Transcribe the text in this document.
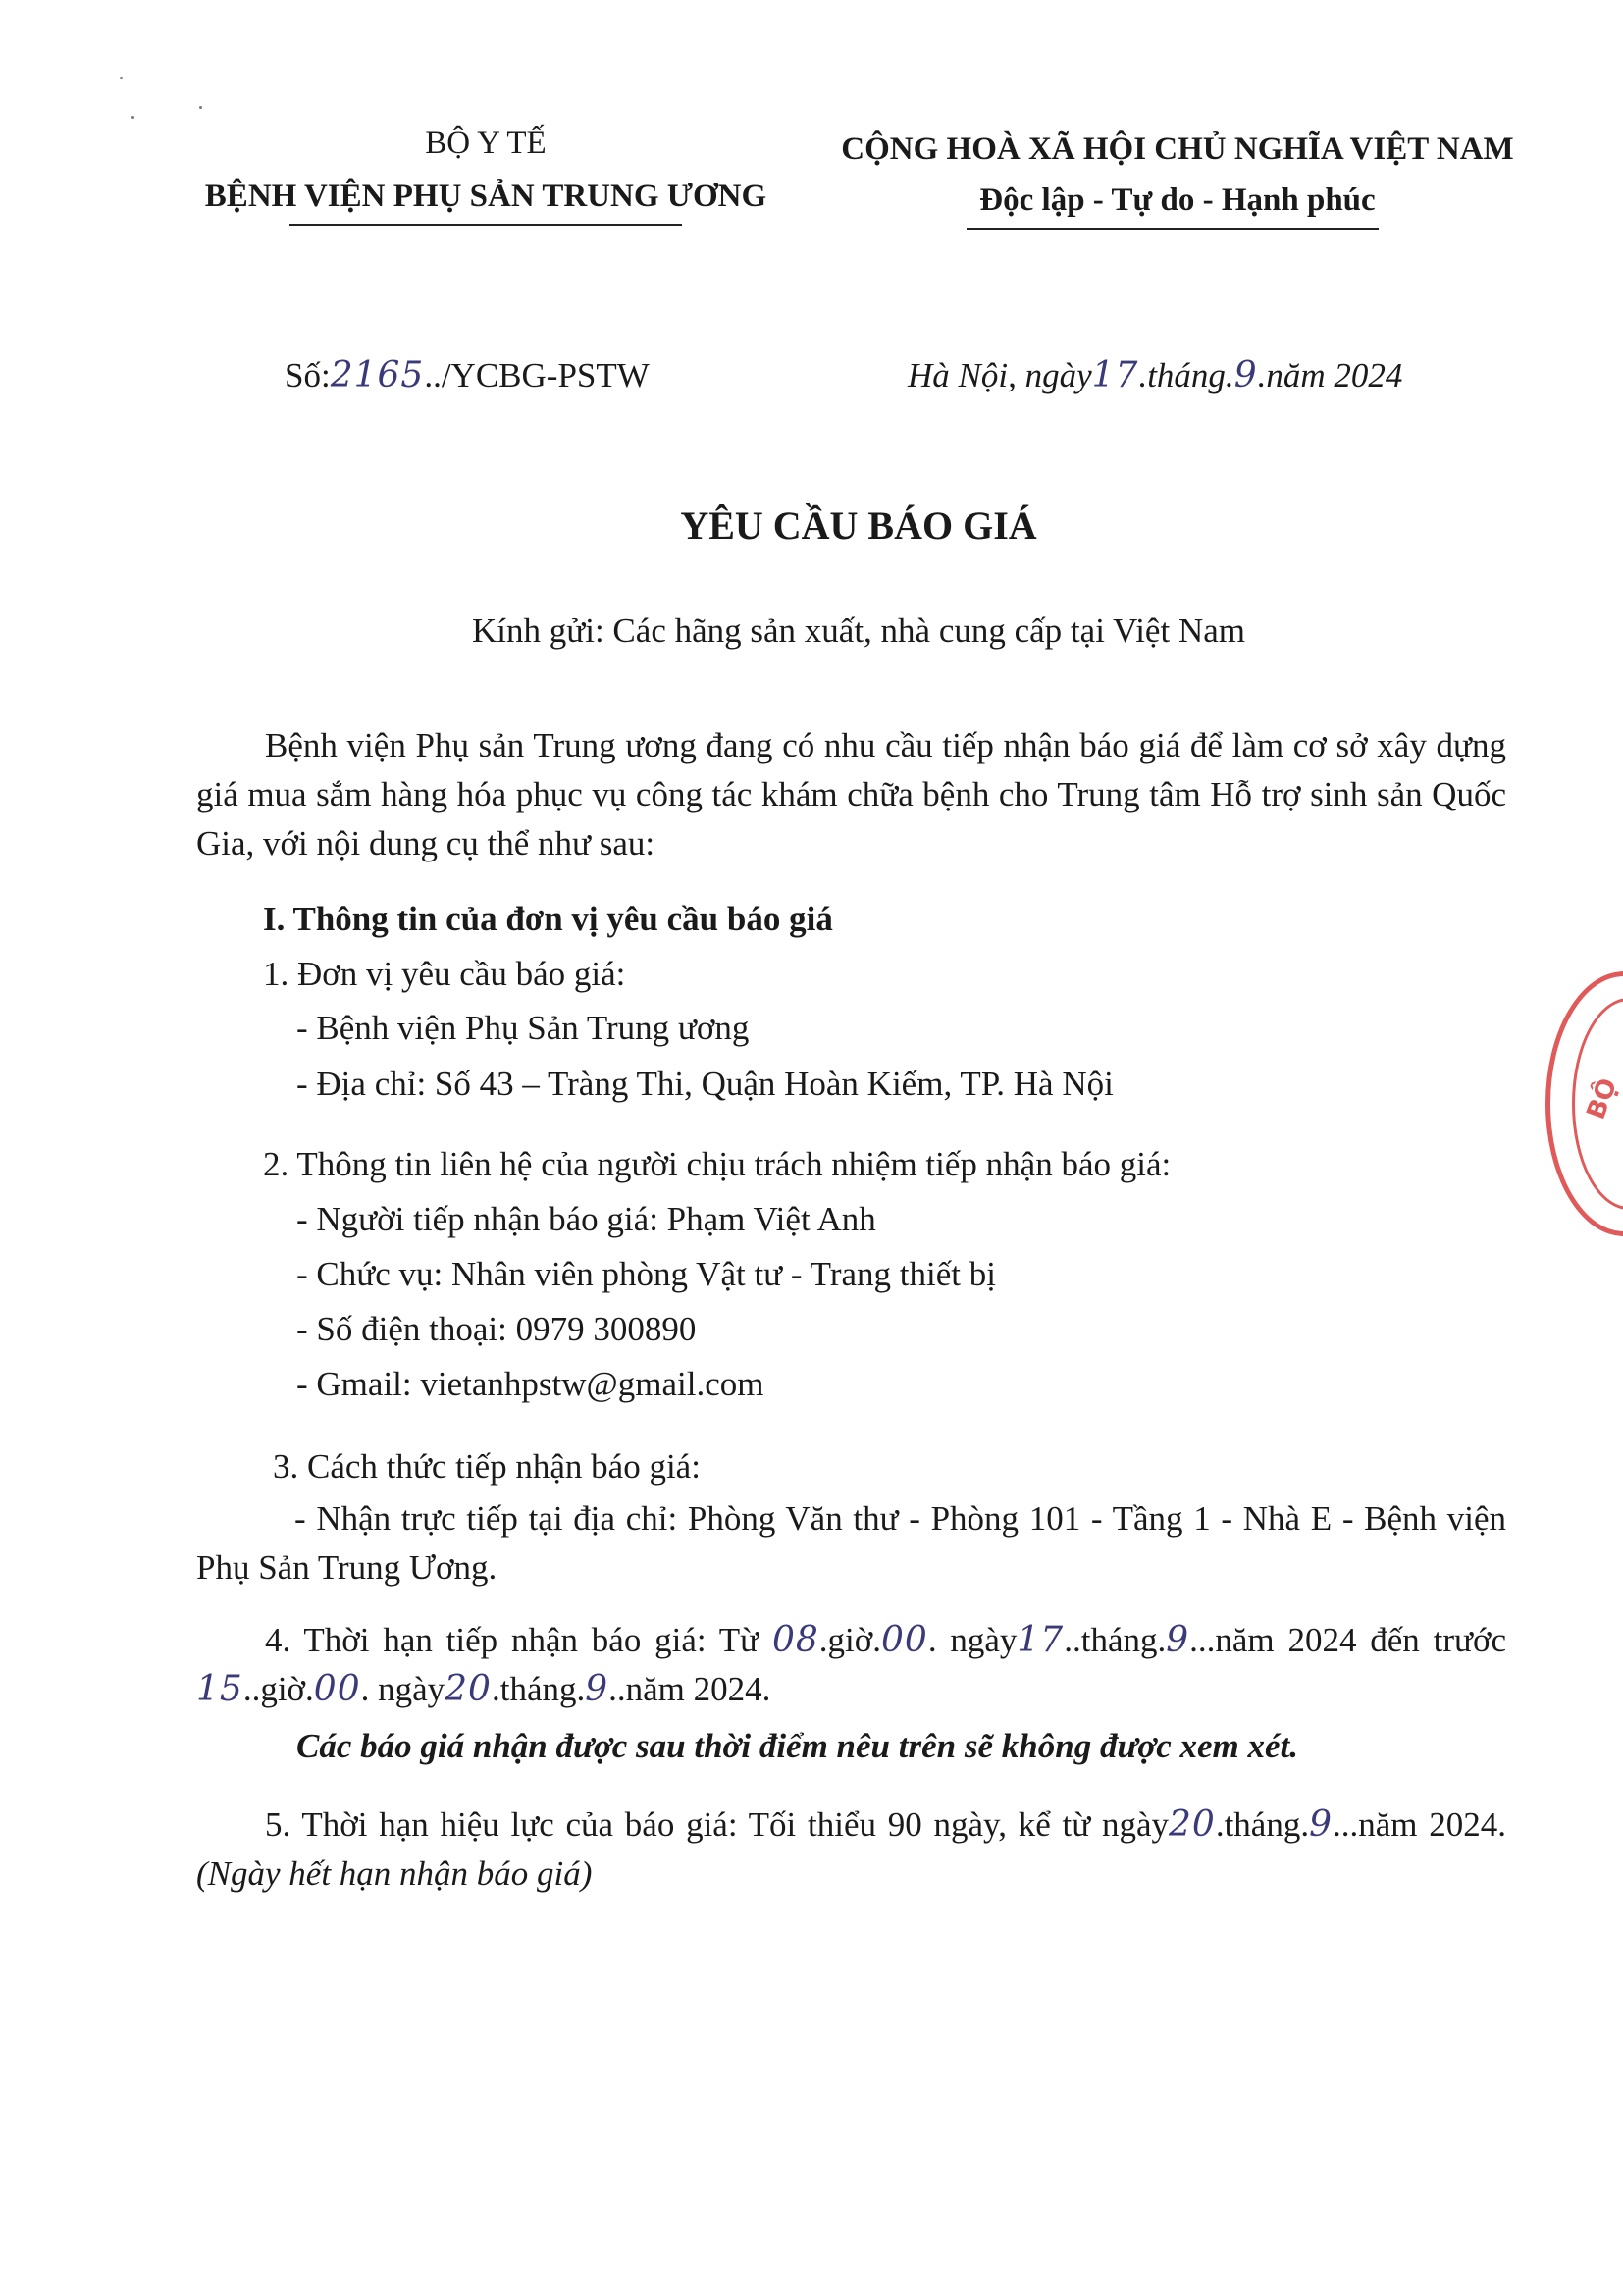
BỘ Y TẾ
BỆNH VIỆN PHỤ SẢN TRUNG ƯƠNG
CỘNG HOÀ XÃ HỘI CHỦ NGHĨA VIỆT NAM
Độc lập - Tự do - Hạnh phúc
Số:2165../YCBG-PSTW	Hà Nội, ngày17.tháng.9.năm 2024
YÊU CẦU BÁO GIÁ
Kính gửi: Các hãng sản xuất, nhà cung cấp tại Việt Nam
Bệnh viện Phụ sản Trung ương đang có nhu cầu tiếp nhận báo giá để làm cơ sở xây dựng giá mua sắm hàng hóa phục vụ công tác khám chữa bệnh cho Trung tâm Hỗ trợ sinh sản Quốc Gia, với nội dung cụ thể như sau:
I. Thông tin của đơn vị yêu cầu báo giá
1. Đơn vị yêu cầu báo giá:
- Bệnh viện Phụ Sản Trung ương
- Địa chỉ: Số 43 – Tràng Thi, Quận Hoàn Kiếm, TP. Hà Nội
2. Thông tin liên hệ của người chịu trách nhiệm tiếp nhận báo giá:
- Người tiếp nhận báo giá: Phạm Việt Anh
- Chức vụ: Nhân viên phòng Vật tư - Trang thiết bị
- Số điện thoại: 0979 300890
- Gmail: vietanhpstw@gmail.com
3. Cách thức tiếp nhận báo giá:
- Nhận trực tiếp tại địa chỉ: Phòng Văn thư - Phòng 101 - Tầng 1 - Nhà E - Bệnh viện Phụ Sản Trung Ương.
4. Thời hạn tiếp nhận báo giá: Từ 08.giờ.00. ngày17..tháng.9...năm 2024 đến trước 15..giờ.00. ngày20.tháng.9..năm 2024.
Các báo giá nhận được sau thời điểm nêu trên sẽ không được xem xét.
5. Thời hạn hiệu lực của báo giá: Tối thiểu 90 ngày, kể từ ngày20.tháng.9...năm 2024. (Ngày hết hạn nhận báo giá)
BỘ
